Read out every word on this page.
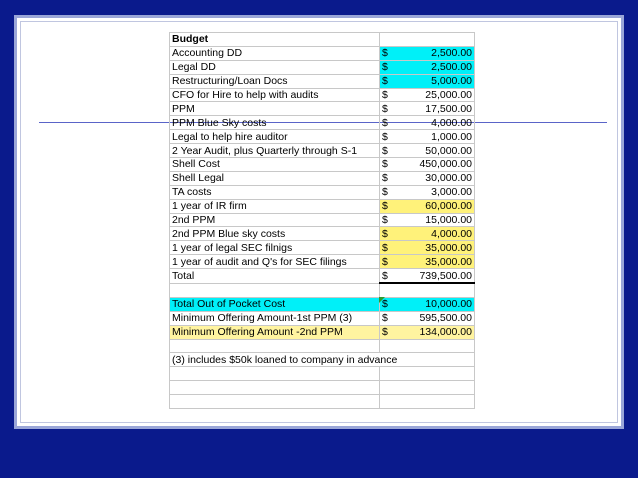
Budget	
Accounting DD	$ 2,500.00

Legal DD	$ 2,500.00

Restructuring/Loan Docs	$ 5,000.00

CFO for Hire to help with audits	$ 25,000.00

PPM	$ 17,500.00

PPM Blue Sky costs	$ 4,000.00

Legal to help hire auditor	$ 1,000.00

2 Year Audit, plus Quarterly through S-1	$ 50,000.00

Shell Cost	$ 450,000.00

Shell Legal	$ 30,000.00

TA costs	$ 3,000.00

1 year of IR firm	$ 60,000.00

2nd PPM	$ 15,000.00

2nd PPM Blue sky costs	$ 4,000.00

1 year of legal SEC filnigs	$ 35,000.00

1 year of audit and Q's for SEC filings	$ 35,000.00

Total	$ 739,500.00

Total Out of Pocket Cost	$ 10,000.00

Minimum Offering Amount-1st PPM (3)	$ 595,500.00

Minimum Offering Amount -2nd PPM	$ 134,000.00

(3) includes $50k loaned to company in advance	
